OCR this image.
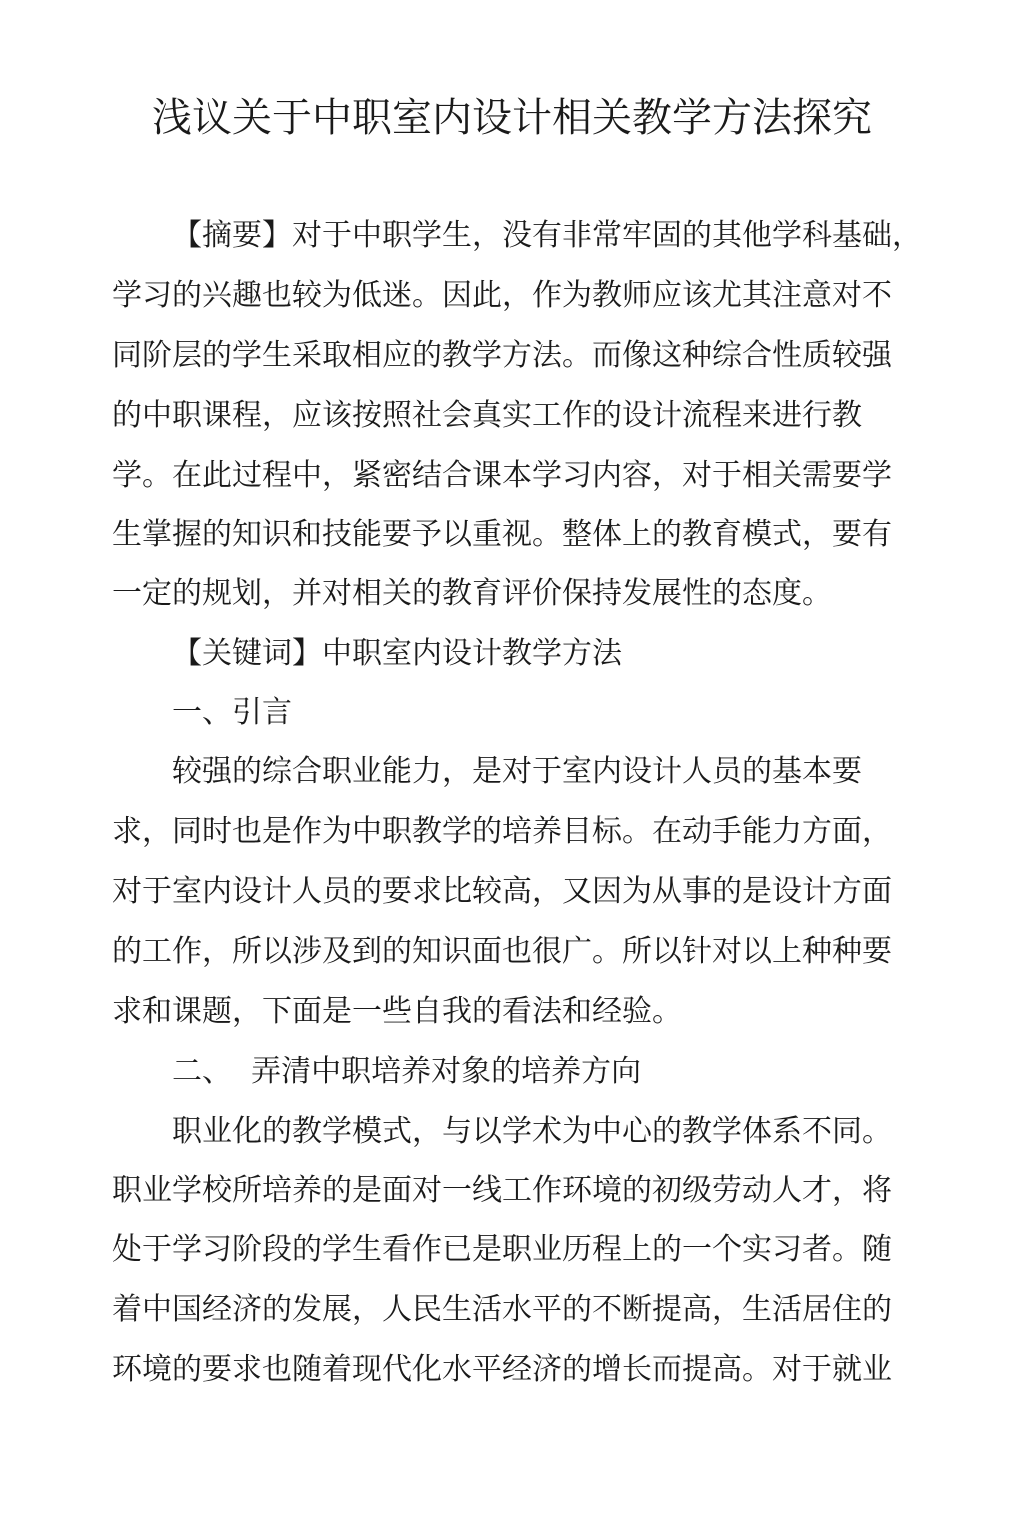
浅议关于中职室内设计相关教学方法探究
【摘要】对于中职学生，没有非常牢固的其他学科基础，
学习的兴趣也较为低迷。因此，作为教师应该尤其注意对不
同阶层的学生采取相应的教学方法。而像这种综合性质较强
的中职课程，应该按照社会真实工作的设计流程来进行教
学。在此过程中，紧密结合课本学习内容，对于相关需要学
生掌握的知识和技能要予以重视。整体上的教育模式，要有
一定的规划，并对相关的教育评价保持发展性的态度。
【关键词】中职室内设计教学方法
一、引言
较强的综合职业能力，是对于室内设计人员的基本要
求，同时也是作为中职教学的培养目标。在动手能力方面，
对于室内设计人员的要求比较高，又因为从事的是设计方面
的工作，所以涉及到的知识面也很广。所以针对以上种种要
求和课题，下面是一些自我的看法和经验。
二、  弄清中职培养对象的培养方向
职业化的教学模式，与以学术为中心的教学体系不同。
职业学校所培养的是面对一线工作环境的初级劳动人才，将
处于学习阶段的学生看作已是职业历程上的一个实习者。随
着中国经济的发展，人民生活水平的不断提高，生活居住的
环境的要求也随着现代化水平经济的增长而提高。对于就业
